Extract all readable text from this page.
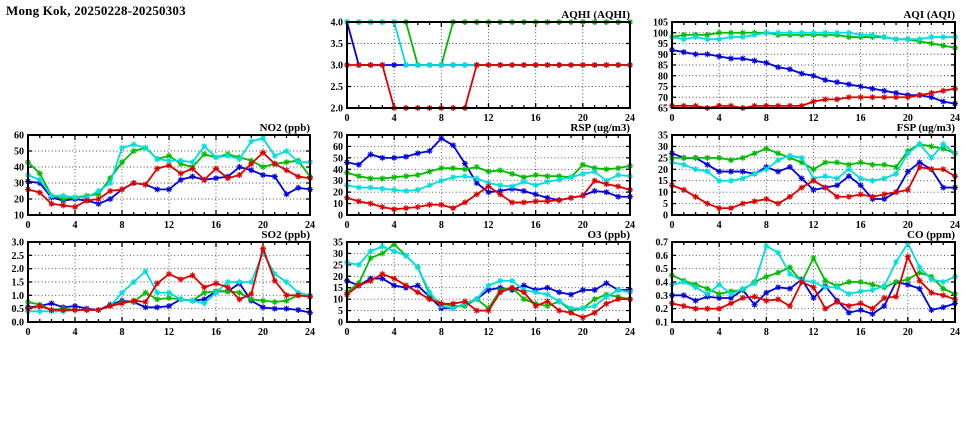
Mong Kok, 20250228-20250303
2.0
2.5
3.0
3.5
4.0
0	4	8	12	16	20	24
AQHI (AQHI)
65
70
75
80
85
90
95
100
105
0	4	8	12	16	20	24
AQI (AQI)
10
20
30
40
50
60
0	4	8	12	16	20	24
NO2 (ppb)
0
10
20
30
40
50
60
70
0	4	8	12	16	20	24
RSP (ug/m3)
0
5
10
15
20
25
30
35
0	4	8	12	16	20	24
FSP (ug/m3)
0.0
0.5
1.0
1.5
2.0
2.5
3.0
0	4	8	12	16	20	24
SO2 (ppb)
0
5
10
15
20
25
30
35
0	4	8	12	16	20	24
O3 (ppb)
0.1
0.2
0.3
0.4
0.5
0.6
0.7
0	4	8	12	16	20	24
CO (ppm)
